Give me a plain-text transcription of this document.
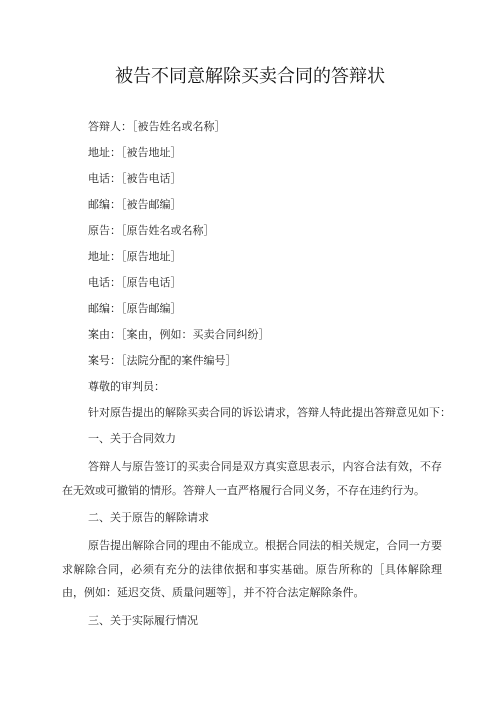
被告不同意解除买卖合同的答辩状

答辩人：［被告姓名或名称］

地址：［被告地址］

电话：［被告电话］

邮编：［被告邮编］

原告：［原告姓名或名称］

地址：［原告地址］

电话：［原告电话］

邮编：［原告邮编］

案由：［案由，例如：买卖合同纠纷］

案号：［法院分配的案件编号］

尊敬的审判员：

针对原告提出的解除买卖合同的诉讼请求，答辩人特此提出答辩意见如下：

一、关于合同效力

答辩人与原告签订的买卖合同是双方真实意思表示，内容合法有效，不存在无效或可撤销的情形。答辩人一直严格履行合同义务，不存在违约行为。

二、关于原告的解除请求

原告提出解除合同的理由不能成立。根据合同法的相关规定，合同一方要求解除合同，必须有充分的法律依据和事实基础。原告所称的［具体解除理由，例如：延迟交货、质量问题等］，并不符合法定解除条件。

三、关于实际履行情况
